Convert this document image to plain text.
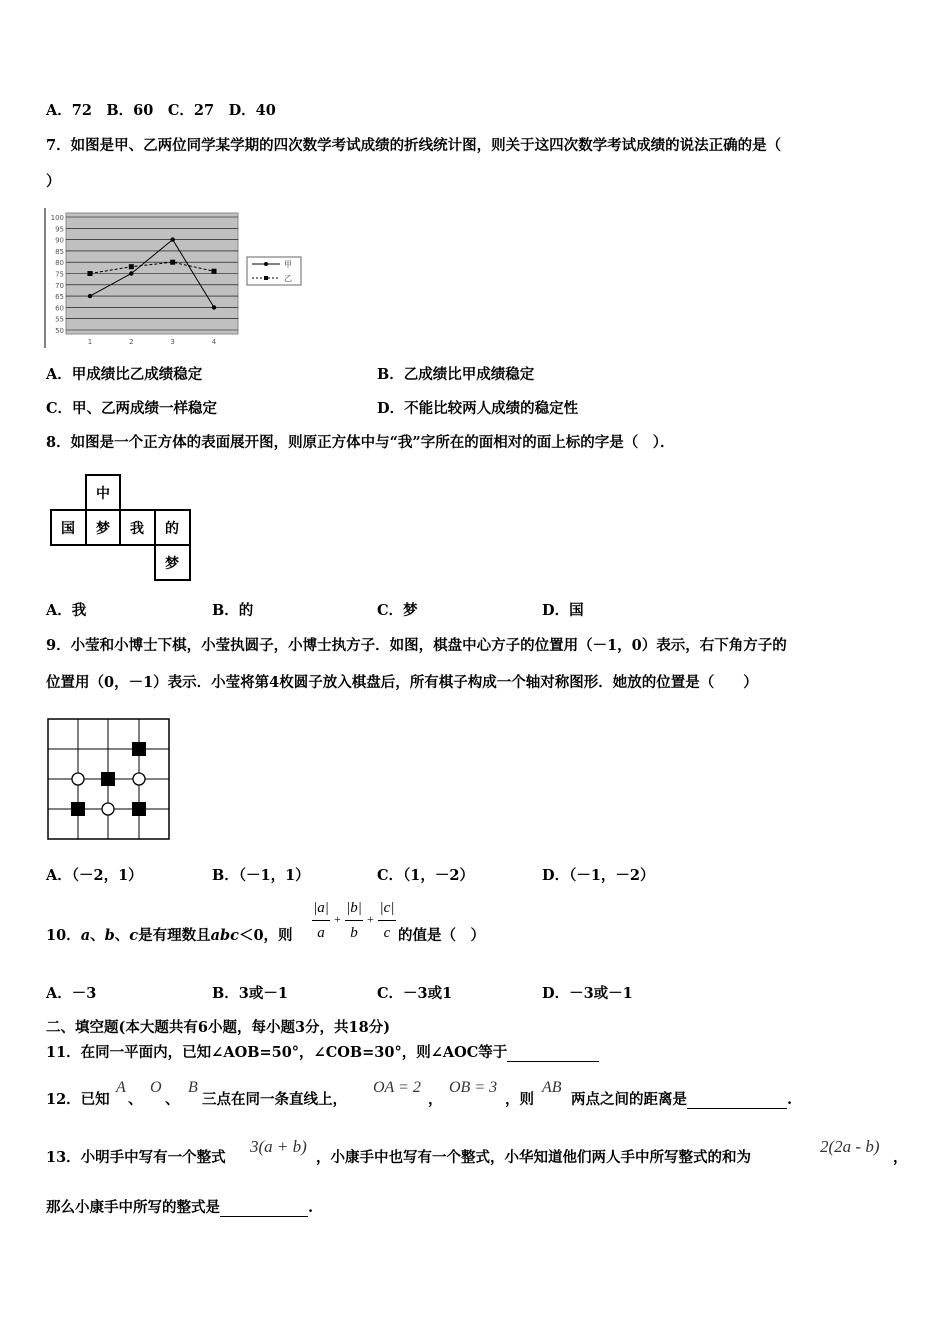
A．72　B．60　C．27　D．40
7．如图是甲、乙两位同学某学期的四次数学考试成绩的折线统计图，则关于这四次数学考试成绩的说法正确的是（
）
100
95
90
85
80
75
70
65
60
55
50
1	2	3	4
甲
乙
A．甲成绩比乙成绩稳定	B．乙成绩比甲成绩稳定
C．甲、乙两成绩一样稳定	D．不能比较两人成绩的稳定性
8．如图是一个正方体的表面展开图，则原正方体中与“我”字所在的面相对的面上标的字是（　）．
中
国 梦 我 的
梦
A．我	B．的	C．梦	D．国
9．小莹和小博士下棋，小莹执圆子，小博士执方子．如图，棋盘中心方子的位置用（－1，0）表示，右下角方子的
位置用（0，－1）表示．小莹将第4枚圆子放入棋盘后，所有棋子构成一个轴对称图形．她放的位置是（　　）
A．（－2，1）	B．（－1，1）	C．（1，－2）	D．（－1，－2）
10．a、b、c是有理数且abc＜0，则
|a|
a
+
|b|
b
+
|c|
c 的值是（　）
A．－3	B．3或－1	C．－3或1	D．－3或－1
二、填空题(本大题共有6小题，每小题3分，共18分)
11．在同一平面内，已知∠AOB=50°，∠COB=30°，则∠AOC等于
12．已知
A
、
O
、
B
三点在同一条直线上，
OA = 2
，
OB = 3
，则
AB
两点之间的距离是	.
13．小明手中写有一个整式
3(a + b)
，小康手中也写有一个整式，小华知道他们两人手中所写整式的和为
2(2a - b)
，
那么小康手中所写的整式是	.
